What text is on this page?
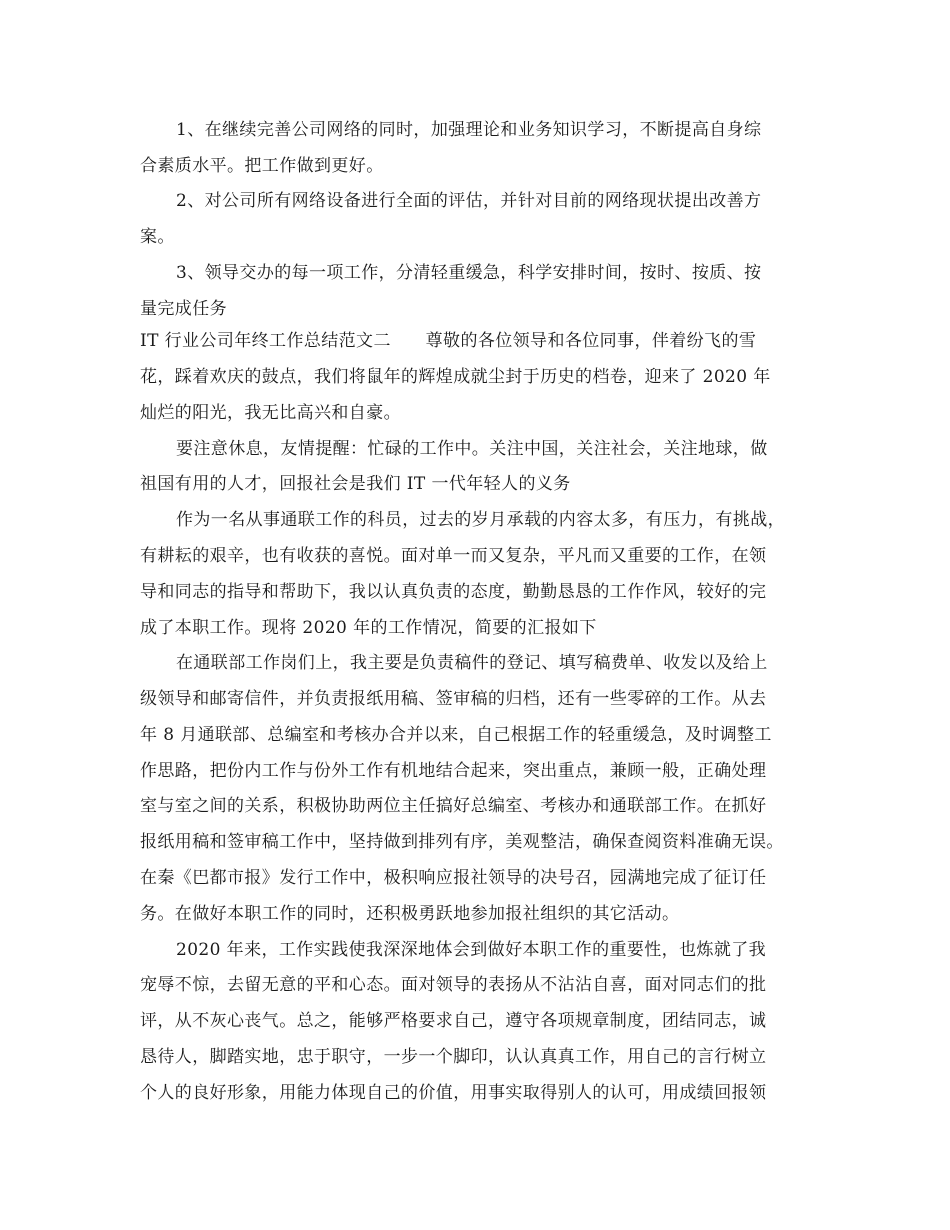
1、在继续完善公司网络的同时，加强理论和业务知识学习，不断提高自身综
合素质水平。把工作做到更好。
2、对公司所有网络设备进行全面的评估，并针对目前的网络现状提出改善方
案。
3、领导交办的每一项工作，分清轻重缓急，科学安排时间，按时、按质、按
量完成任务
IT 行业公司年终工作总结范文二　　尊敬的各位领导和各位同事，伴着纷飞的雪
花，踩着欢庆的鼓点，我们将鼠年的辉煌成就尘封于历史的档卷，迎来了 2020 年
灿烂的阳光，我无比高兴和自豪。
要注意休息，友情提醒：忙碌的工作中。关注中国，关注社会，关注地球，做
祖国有用的人才，回报社会是我们 IT 一代年轻人的义务
作为一名从事通联工作的科员，过去的岁月承载的内容太多，有压力，有挑战，
有耕耘的艰辛，也有收获的喜悦。面对单一而又复杂，平凡而又重要的工作，在领
导和同志的指导和帮助下，我以认真负责的态度，勤勤恳恳的工作作风，较好的完
成了本职工作。现将 2020 年的工作情况，简要的汇报如下
在通联部工作岗们上，我主要是负责稿件的登记、填写稿费单、收发以及给上
级领导和邮寄信件，并负责报纸用稿、签审稿的归档，还有一些零碎的工作。从去
年 8 月通联部、总编室和考核办合并以来，自己根据工作的轻重缓急，及时调整工
作思路，把份内工作与份外工作有机地结合起来，突出重点，兼顾一般，正确处理
室与室之间的关系，积极协助两位主任搞好总编室、考核办和通联部工作。在抓好
报纸用稿和签审稿工作中，坚持做到排列有序，美观整洁，确保查阅资料准确无误。
在秦《巴都市报》发行工作中，极积响应报社领导的决号召，园满地完成了征订任
务。在做好本职工作的同时，还积极勇跃地参加报社组织的其它活动。
2020 年来，工作实践使我深深地体会到做好本职工作的重要性，也炼就了我
宠辱不惊，去留无意的平和心态。面对领导的表扬从不沾沾自喜，面对同志们的批
评，从不灰心丧气。总之，能够严格要求自己，遵守各项规章制度，团结同志，诚
恳待人，脚踏实地，忠于职守，一步一个脚印，认认真真工作，用自己的言行树立
个人的良好形象，用能力体现自己的价值，用事实取得别人的认可，用成绩回报领
